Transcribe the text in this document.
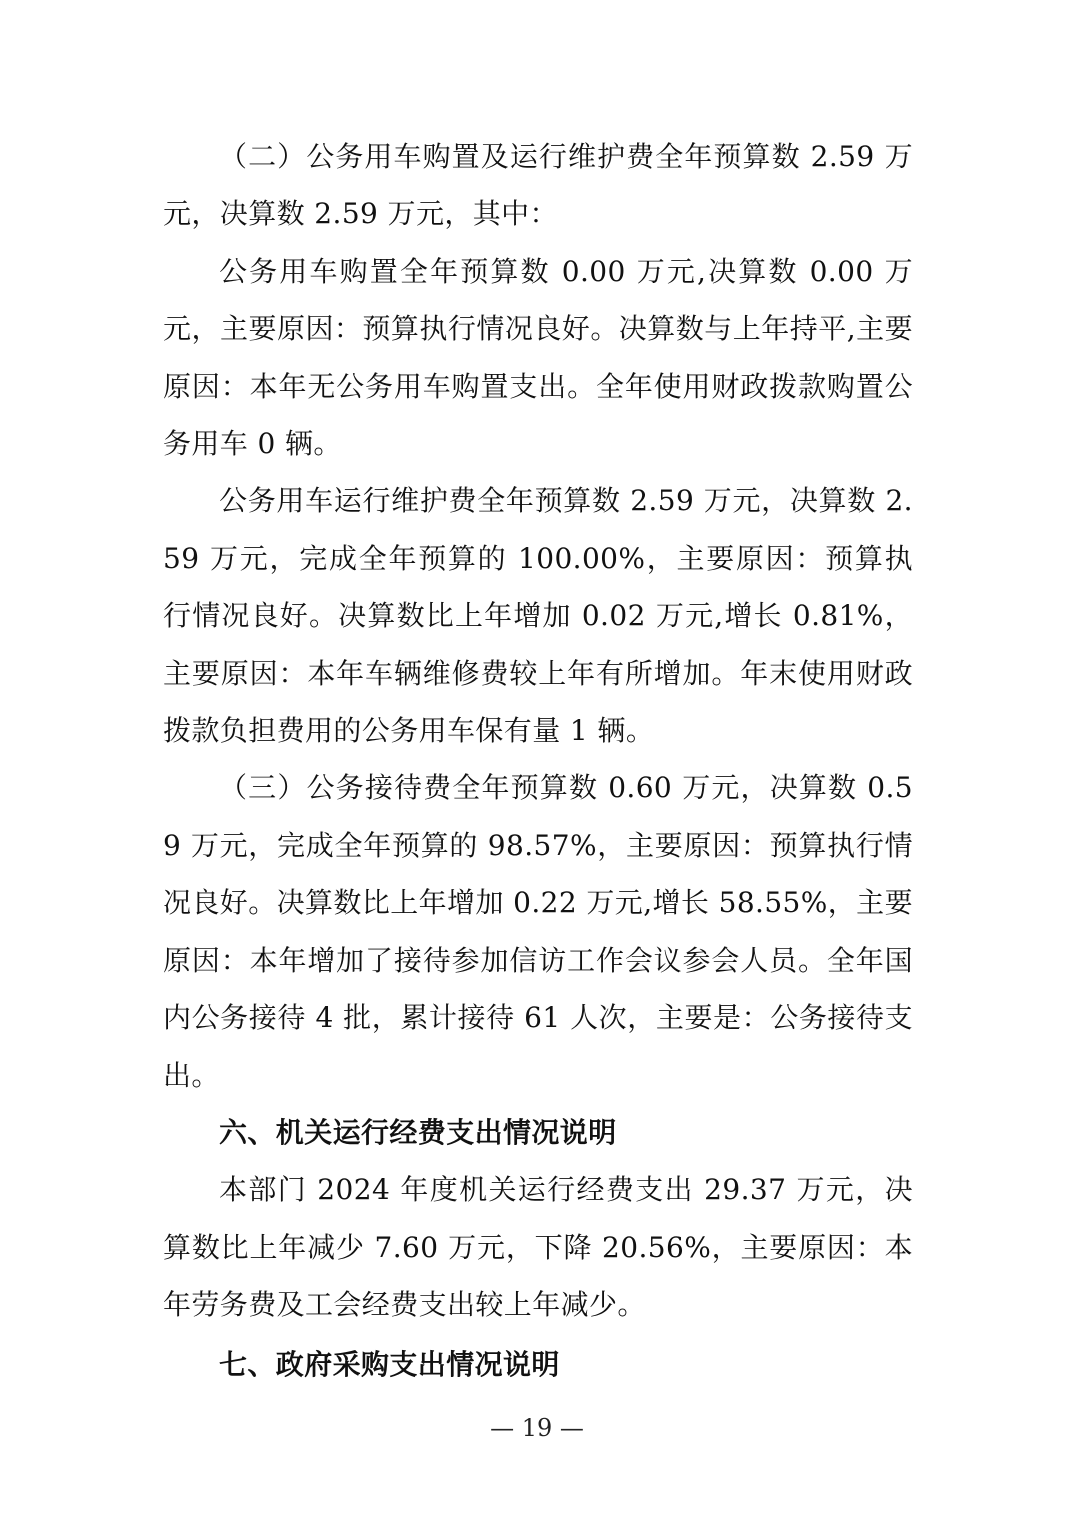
（二）公务用车购置及运行维护费全年预算数 2.59 万元，决算数 2.59 万元，其中：

公务用车购置全年预算数 0.00 万元,决算数 0.00 万元，主要原因：预算执行情况良好。决算数与上年持平,主要原因：本年无公务用车购置支出。全年使用财政拨款购置公务用车 0 辆。

公务用车运行维护费全年预算数 2.59 万元，决算数 2.59 万元，完成全年预算的 100.00%，主要原因：预算执行情况良好。决算数比上年增加 0.02 万元,增长 0.81%，主要原因：本年车辆维修费较上年有所增加。年末使用财政拨款负担费用的公务用车保有量 1 辆。

（三）公务接待费全年预算数 0.60 万元，决算数 0.59 万元，完成全年预算的 98.57%，主要原因：预算执行情况良好。决算数比上年增加 0.22 万元,增长 58.55%，主要原因：本年增加了接待参加信访工作会议参会人员。全年国内公务接待 4 批，累计接待 61 人次，主要是：公务接待支出。

六、机关运行经费支出情况说明

本部门 2024 年度机关运行经费支出 29.37 万元，决算数比上年减少 7.60 万元，下降 20.56%，主要原因：本年劳务费及工会经费支出较上年减少。

七、政府采购支出情况说明

— 19 —
